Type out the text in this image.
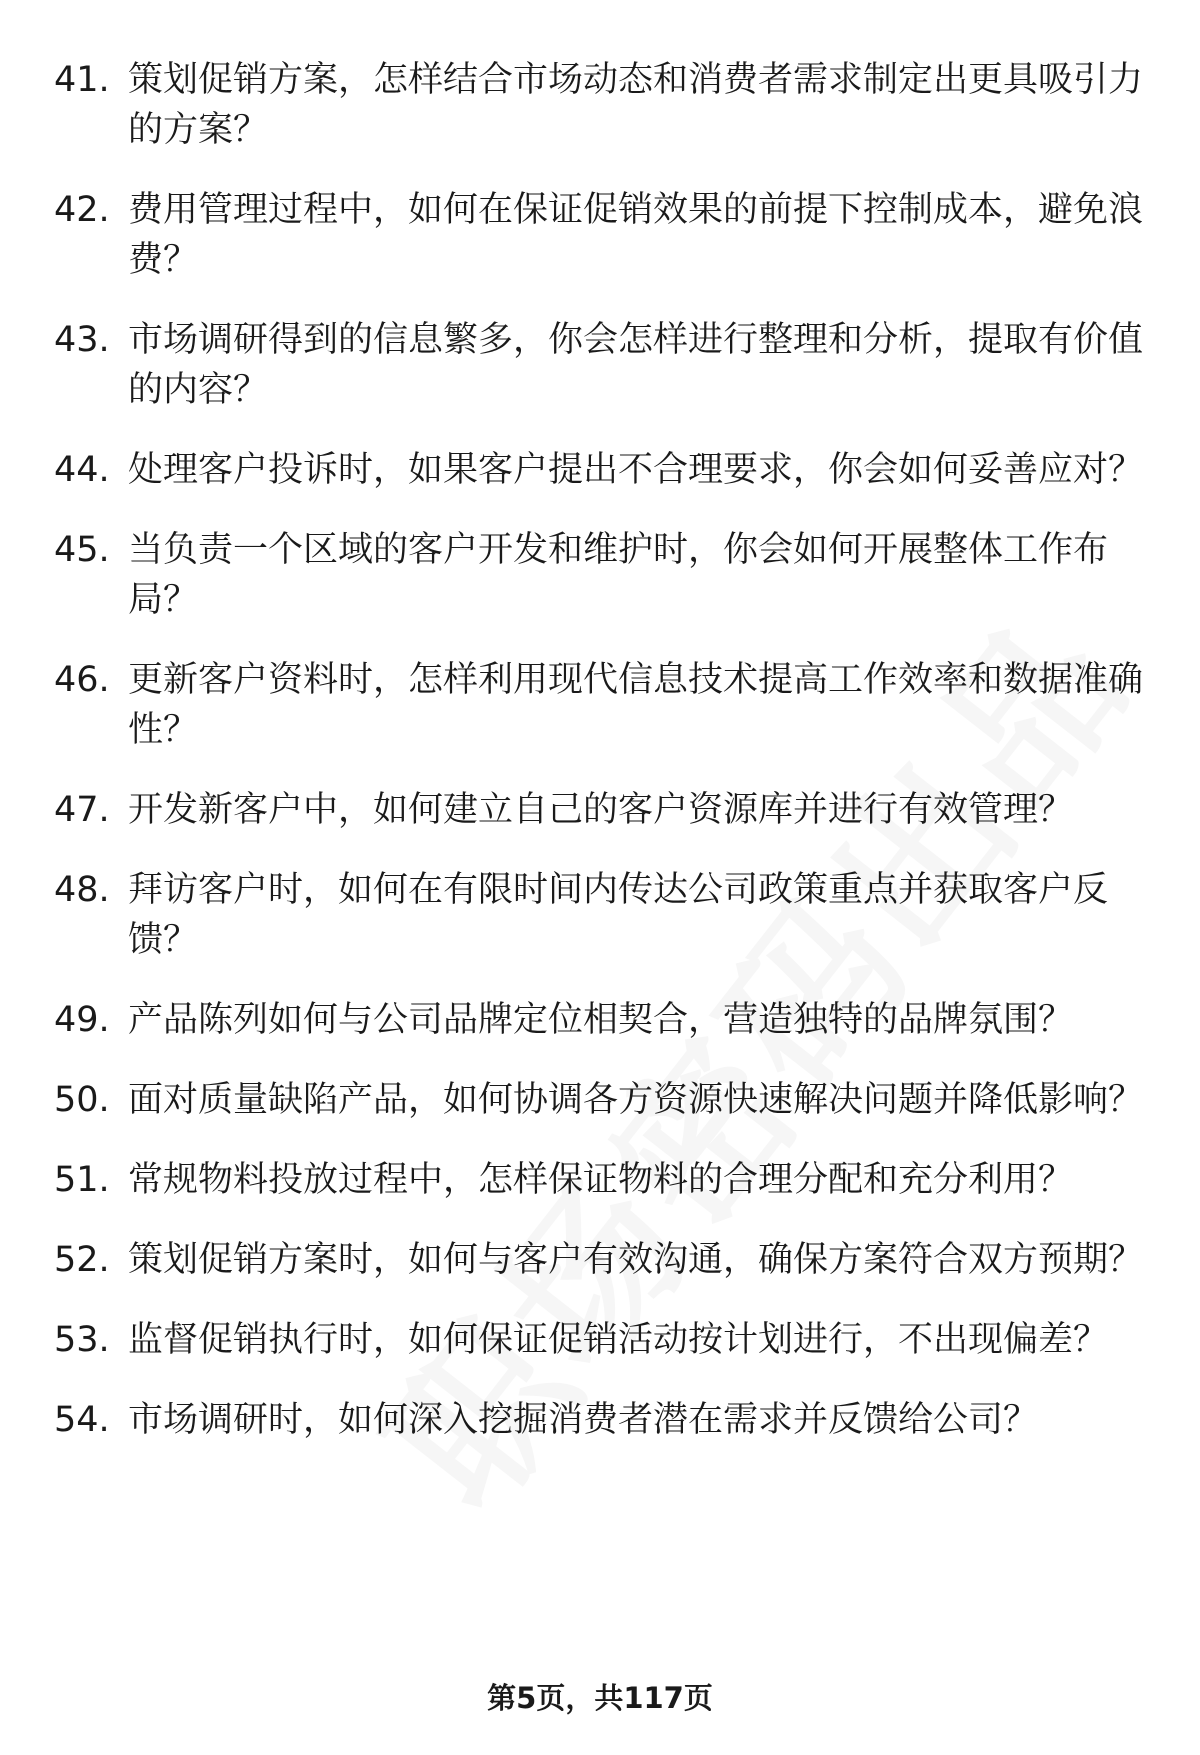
41. 策划促销方案，怎样结合市场动态和消费者需求制定出更具吸引力的方案？
42. 费用管理过程中，如何在保证促销效果的前提下控制成本，避免浪费？
43. 市场调研得到的信息繁多，你会怎样进行整理和分析，提取有价值的内容？
44. 处理客户投诉时，如果客户提出不合理要求，你会如何妥善应对？
45. 当负责一个区域的客户开发和维护时，你会如何开展整体工作布局？
46. 更新客户资料时，怎样利用现代信息技术提高工作效率和数据准确性？
47. 开发新客户中，如何建立自己的客户资源库并进行有效管理？
48. 拜访客户时，如何在有限时间内传达公司政策重点并获取客户反馈？
49. 产品陈列如何与公司品牌定位相契合，营造独特的品牌氛围？
50. 面对质量缺陷产品，如何协调各方资源快速解决问题并降低影响？
51. 常规物料投放过程中，怎样保证物料的合理分配和充分利用？
52. 策划促销方案时，如何与客户有效沟通，确保方案符合双方预期？
53. 监督促销执行时，如何保证促销活动按计划进行，不出现偏差？
54. 市场调研时，如何深入挖掘消费者潜在需求并反馈给公司？
第5页，共117页
